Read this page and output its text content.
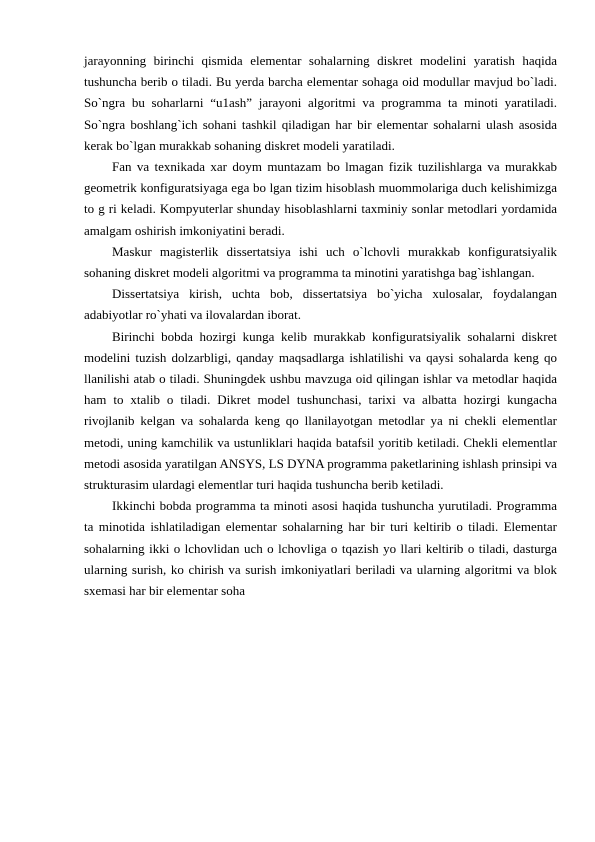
jarayonning birinchi qismida elementar sohalarning diskret modelini yaratish haqida tushuncha berib o tiladi. Bu yerda barcha elementar sohaga oid modullar mavjud bo`ladi. So`ngra bu soharlarni “u1ash” jarayoni algoritmi va programma ta minoti yaratiladi. So`ngra boshlang`ich sohani tashkil qiladigan har bir elementar sohalarni ulash asosida kerak bo`lgan murakkab sohaning diskret modeli yaratiladi.

Fan va texnikada xar doym muntazam bo lmagan fizik tuzilishlarga va murakkab geometrik konfiguratsiyaga ega bo lgan tizim hisoblash muommolariga duch kelishimizga to g ri keladi. Kompyuterlar shunday hisoblashlarni taxminiy sonlar metodlari yordamida amalgam oshirish imkoniyatini beradi.

Maskur magisterlik dissertatsiya ishi uch o`lchovli murakkab konfiguratsiyalik sohaning diskret modeli algoritmi va programma ta minotini yaratishga bag`ishlangan.

Dissertatsiya kirish, uchta bob, dissertatsiya bo`yicha xulosalar, foydalangan adabiyotlar ro`yhati va ilovalardan iborat.

Birinchi bobda hozirgi kunga kelib murakkab konfiguratsiyalik sohalarni diskret modelini tuzish dolzarbligi, qanday maqsadlarga ishlatilishi va qaysi sohalarda keng qo llanilishi atab o tiladi. Shuningdek ushbu mavzuga oid qilingan ishlar va metodlar haqida ham to xtalib o tiladi. Dikret model tushunchasi, tarixi va albatta hozirgi kungacha rivojlanib kelgan va sohalarda keng qo llanilayotgan metodlar ya ni chekli elementlar metodi, uning kamchilik va ustunliklari haqida batafsil yoritib ketiladi. Chekli elementlar metodi asosida yaratilgan ANSYS, LS DYNA programma paketlarining ishlash prinsipi va strukturasim ulardagi elementlar turi haqida tushuncha berib ketiladi.

Ikkinchi bobda programma ta minoti asosi haqida tushuncha yurutiladi. Programma ta minotida ishlatiladigan elementar sohalarning har bir turi keltirib o tiladi. Elementar sohalarning ikki o lchovlidan uch o lchovliga o tqazish yo llari keltirib o tiladi, dasturga ularning surish, ko chirish va surish imkoniyatlari beriladi va ularning algoritmi va blok sxemasi har bir elementar soha
